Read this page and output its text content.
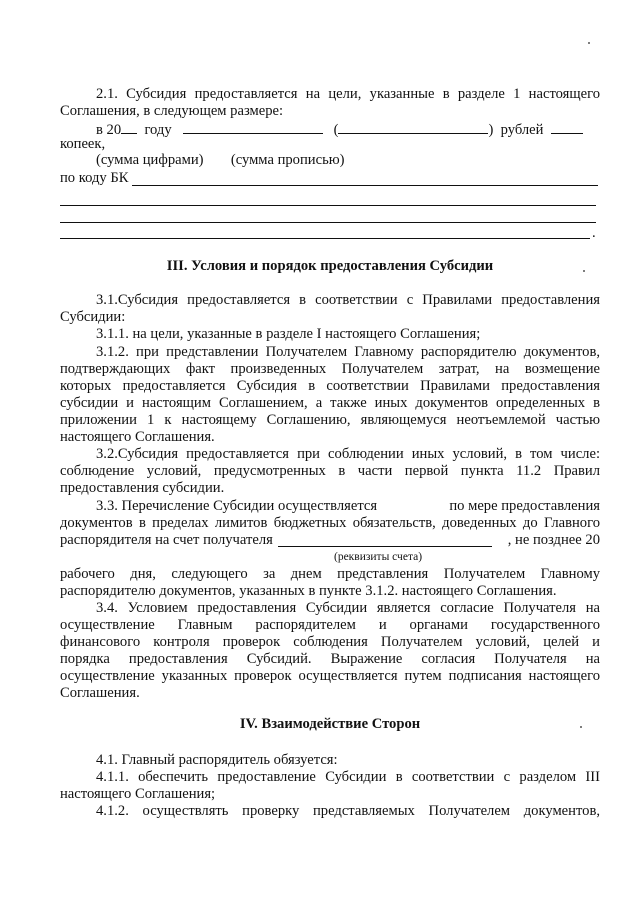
2.1. Субсидия предоставляется на цели, указанные в разделе 1 настоящего
Соглашения, в следующем размере:
в 20 году	(	) рублей
копеек,
(сумма цифрами) (сумма прописью)
по коду БК
.
III. Условия и порядок предоставления Субсидии
3.1.Субсидия предоставляется в соответствии с Правилами предоставления
Субсидии:
3.1.1. на цели, указанные в разделе I настоящего Соглашения;
3.1.2. при представлении Получателем Главному распорядителю документов,
подтверждающих факт произведенных Получателем затрат, на возмещение
которых предоставляется Субсидия в соответствии Правилами предоставления
субсидии и настоящим Соглашением, а также иных документов определенных в
приложении 1 к настоящему Соглашению, являющемуся неотъемлемой частью
настоящего Соглашения.
3.2.Субсидия предоставляется при соблюдении иных условий, в том числе:
соблюдение условий, предусмотренных в части первой пункта 11.2 Правил
предоставления субсидии.
3.3. Перечисление Субсидии осуществляется	по мере предоставления
документов в пределах лимитов бюджетных обязательств, доведенных до Главного
распорядителя на счет получателя	, не позднее 20
(реквизиты счета)
рабочего дня, следующего за днем представления Получателем Главному
распорядителю документов, указанных в пункте 3.1.2. настоящего Соглашения.
3.4. Условием предоставления Субсидии является согласие Получателя на
осуществление Главным распорядителем и органами государственного
финансового контроля проверок соблюдения Получателем условий, целей и
порядка предоставления Субсидий. Выражение согласия Получателя на
осуществление указанных проверок осуществляется путем подписания настоящего
Соглашения.
IV. Взаимодействие Сторон
4.1. Главный распорядитель обязуется:
4.1.1. обеспечить предоставление Субсидии в соответствии с разделом III
настоящего Соглашения;
4.1.2. осуществлять проверку представляемых Получателем документов,
